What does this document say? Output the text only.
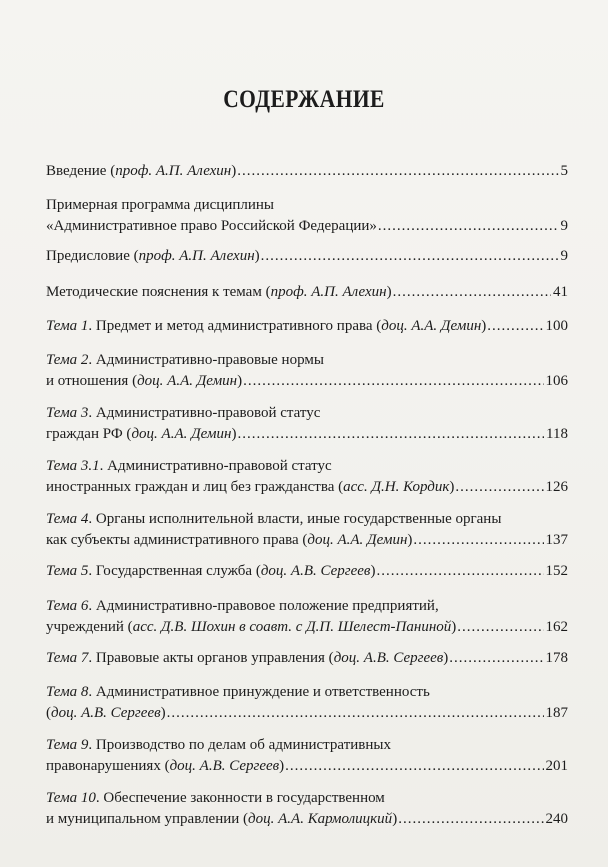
СОДЕРЖАНИЕ
Введение (проф. А.П. Алехин) .....	5
Примерная программа дисциплины
«Административное право Российской Федерации» .....	9
Предисловие (проф. А.П. Алехин) .....	9
Методические пояснения к темам (проф. А.П. Алехин) .....	41
Тема 1. Предмет и метод административного права (доц. А.А. Демин) .....	100
Тема 2. Административно-правовые нормы
и отношения (доц. А.А. Демин) .....	106
Тема 3. Административно-правовой статус
граждан РФ (доц. А.А. Демин) .....	118
Тема 3.1. Административно-правовой статус
иностранных граждан и лиц без гражданства (асс. Д.Н. Кордик) .....	126
Тема 4. Органы исполнительной власти, иные государственные органы
как субъекты административного права (доц. А.А. Демин) .....	137
Тема 5. Государственная служба (доц. А.В. Сергеев) .....	152
Тема 6. Административно-правовое положение предприятий,
учреждений (асс. Д.В. Шохин в соавт. с Д.П. Шелест-Паниной) .....	162
Тема 7. Правовые акты органов управления (доц. А.В. Сергеев) .....	178
Тема 8. Административное принуждение и ответственность
(доц. А.В. Сергеев) .....	187
Тема 9. Производство по делам об административных
правонарушениях (доц. А.В. Сергеев) .....	201
Тема 10. Обеспечение законности в государственном
и муниципальном управлении (доц. А.А. Кармолицкий) .....	240
